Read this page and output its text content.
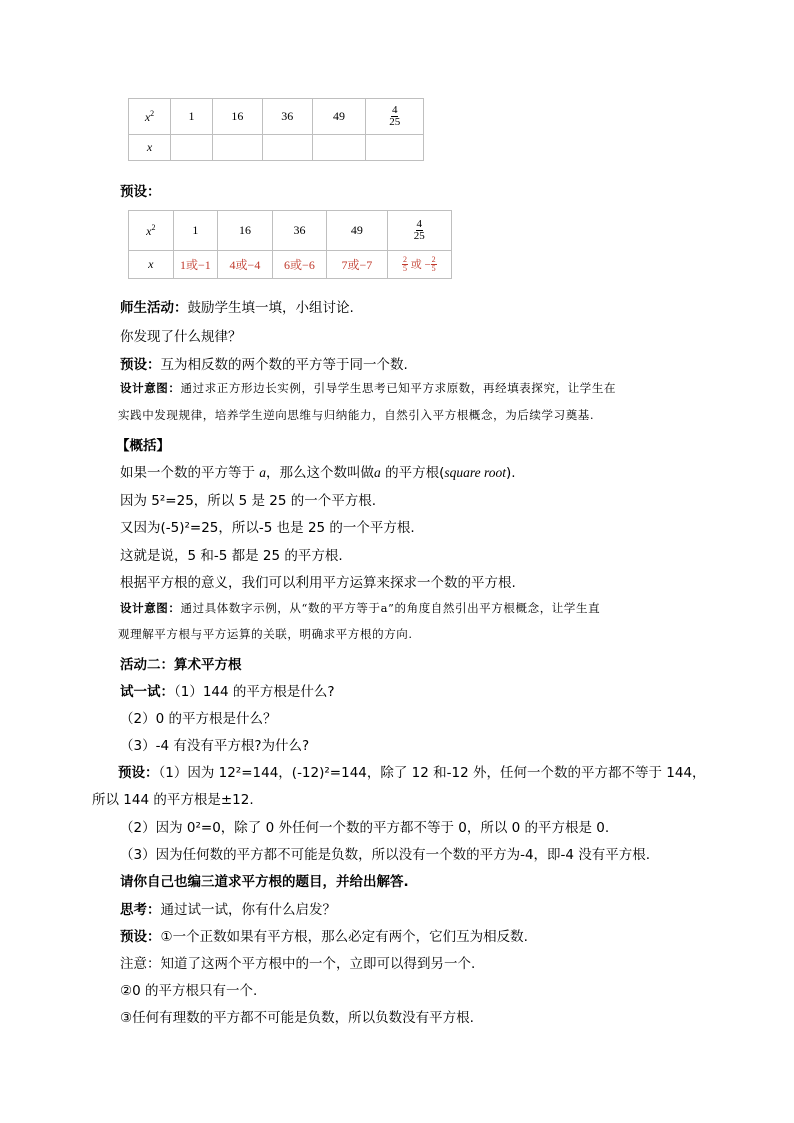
$x^2$	1	16	36	49	$\frac{4}{25}$

x					
预设：
$x^2$	1	16	36	49	$\frac{4}{25}$

x	1或−1	4或−4	6或−6	7或−7	$\frac{2}{5}$ 或 − $\frac{2}{5}$
师生活动：鼓励学生填一填，小组讨论.
你发现了什么规律？
预设：互为相反数的两个数的平方等于同一个数.
设计意图：通过求正方形边长实例，引导学生思考已知平方求原数，再经填表探究，让学生在
实践中发现规律，培养学生逆向思维与归纳能力，自然引入平方根概念，为后续学习奠基.
【概括】
如果一个数的平方等于 a，那么这个数叫做a 的平方根(square root).
因为 5²=25，所以 5 是 25 的一个平方根.
又因为(-5)²=25，所以-5 也是 25 的一个平方根.
这就是说，5 和-5 都是 25 的平方根.
根据平方根的意义，我们可以利用平方运算来探求一个数的平方根.
设计意图：通过具体数字示例，从“数的平方等于a”的角度自然引出平方根概念，让学生直
观理解平方根与平方运算的关联，明确求平方根的方向.
活动二：算术平方根
试一试：（1）144 的平方根是什么?
（2）0 的平方根是什么？
（3）-4 有没有平方根?为什么?
预设：（1）因为 12²=144，(-12)²=144，除了 12 和-12 外，任何一个数的平方都不等于 144，
所以 144 的平方根是±12.
（2）因为 0²=0，除了 0 外任何一个数的平方都不等于 0，所以 0 的平方根是 0.
（3）因为任何数的平方都不可能是负数，所以没有一个数的平方为-4，即-4 没有平方根.
请你自己也编三道求平方根的题目，并给出解答.
思考：通过试一试，你有什么启发？
预设：①一个正数如果有平方根，那么必定有两个，它们互为相反数.
注意：知道了这两个平方根中的一个，立即可以得到另一个.
②0 的平方根只有一个.
③任何有理数的平方都不可能是负数，所以负数没有平方根.
